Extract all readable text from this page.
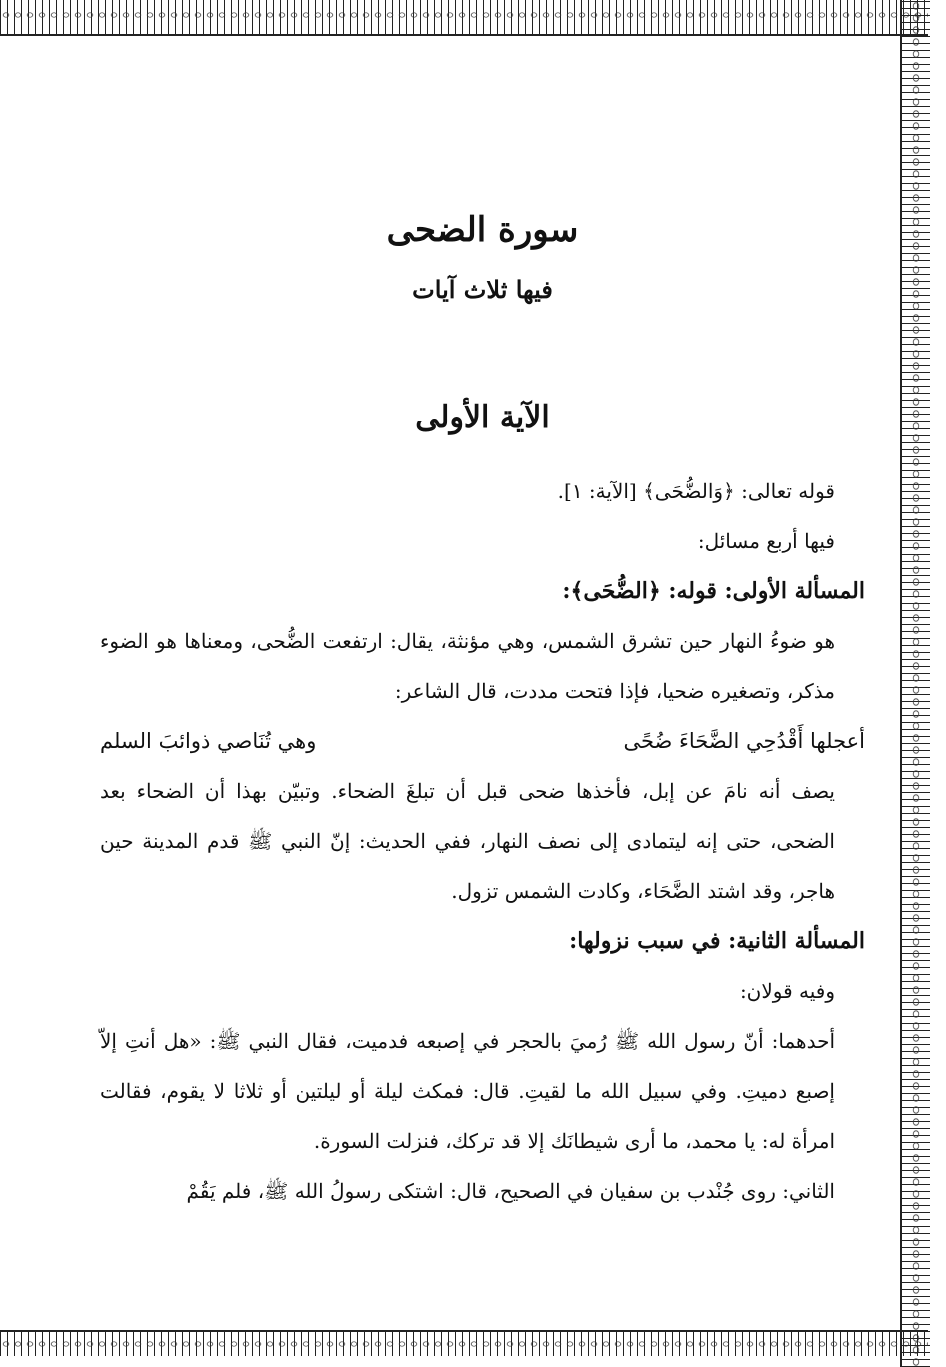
سورة الضحى
فيها ثلاث آيات
الآية الأولى

قوله تعالى: ﴿وَالضُّحَى﴾ [الآية: ١].

فيها أربع مسائل:

المسألة الأولى: قوله: ﴿الضُّحَى﴾:

هو ضوءُ النهار حين تشرق الشمس، وهي مؤنثة، يقال: ارتفعت الضُّحى، ومعناها هو الضوء مذكر، وتصغيره ضحيا، فإذا فتحت مددت، قال الشاعر:

أعجلها أَقْدُحِي الضَّحَاءَ ضُحًى
وهي تُنَاصي ذوائبَ السلم

يصف أنه نامَ عن إبل، فأخذها ضحى قبل أن تبلغَ الضحاء. وتبيّن بهذا أن الضحاء بعد الضحى، حتى إنه ليتمادى إلى نصف النهار، ففي الحديث: إنّ النبي ﷺ قدم المدينة حين هاجر، وقد اشتد الضَّحَاء، وكادت الشمس تزول.

المسألة الثانية: في سبب نزولها:

وفيه قولان:

أحدهما: أنّ رسول الله ﷺ رُميَ بالحجر في إصبعه فدميت، فقال النبي ﷺ: «هل أنتِ إلاّ إصبع دميتِ. وفي سبيل الله ما لقيتِ. قال: فمكث ليلة أو ليلتين أو ثلاثا لا يقوم، فقالت امرأة له: يا محمد، ما أرى شيطانَك إلا قد تركك، فنزلت السورة.

الثاني: روى جُنْدب بن سفيان في الصحيح، قال: اشتكى رسولُ الله ﷺ، فلم يَقُمْ
